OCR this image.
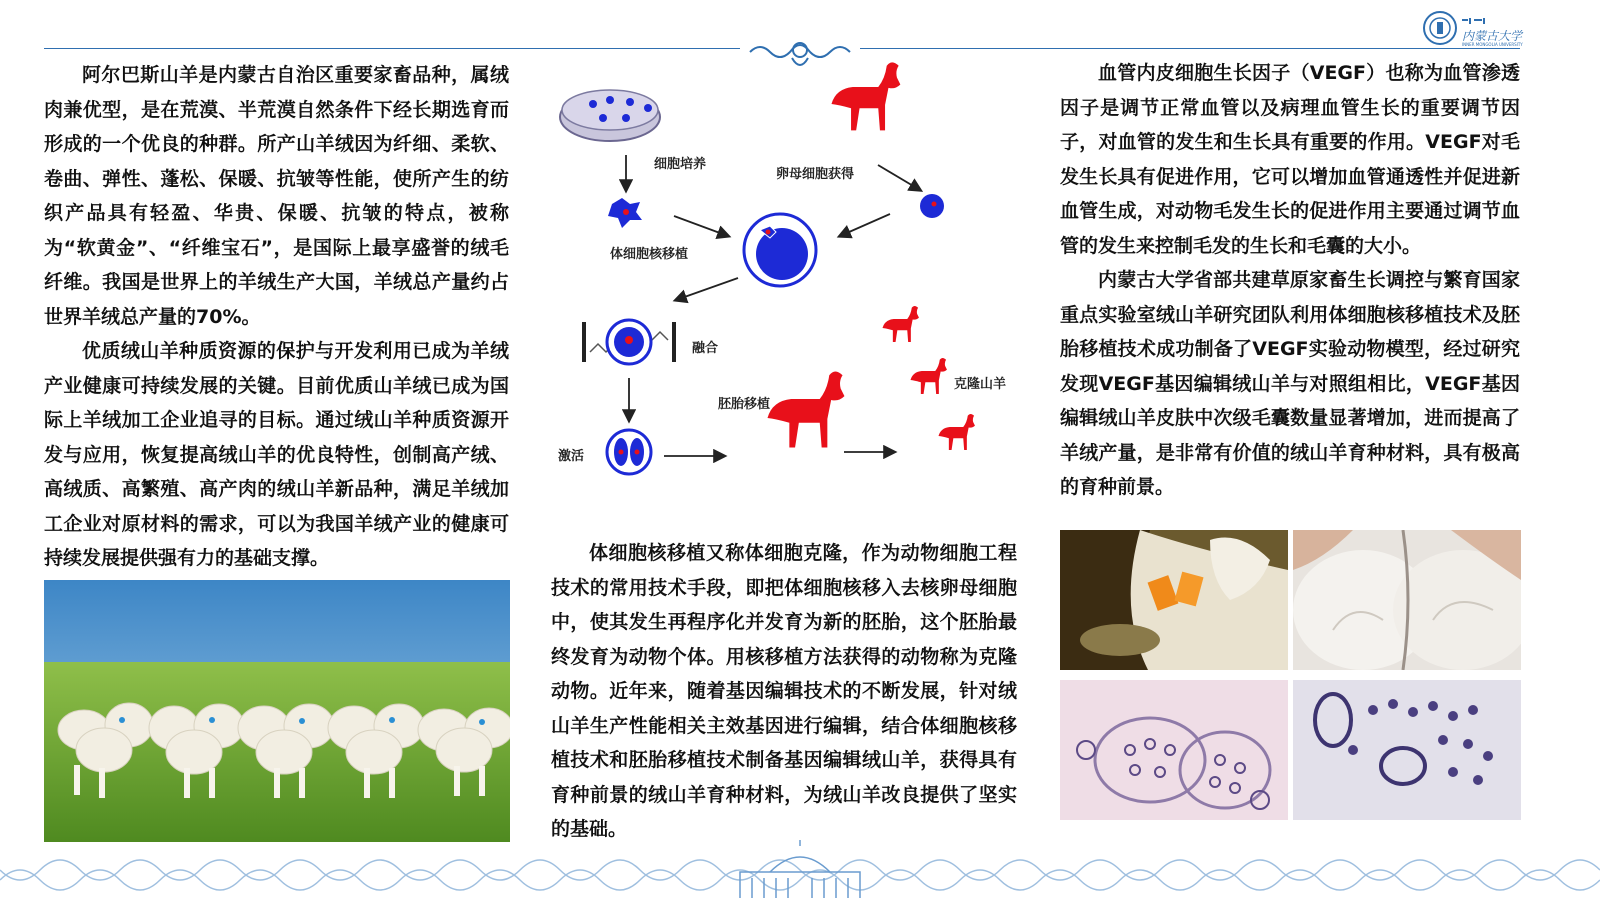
内蒙古大学
INNER MONGOLIA UNIVERSITY

阿尔巴斯山羊是内蒙古自治区重要家畜品种，属绒肉兼优型，是在荒漠、半荒漠自然条件下经长期选育而形成的一个优良的种群。所产山羊绒因为纤细、柔软、卷曲、弹性、蓬松、保暖、抗皱等性能，使所产生的纺织产品具有轻盈、华贵、保暖、抗皱的特点，被称为“软黄金”、“纤维宝石”，是国际上最享盛誉的绒毛纤维。我国是世界上的羊绒生产大国，羊绒总产量约占世界羊绒总产量的70%。

优质绒山羊种质资源的保护与开发利用已成为羊绒产业健康可持续发展的关键。目前优质山羊绒已成为国际上羊绒加工企业追寻的目标。通过绒山羊种质资源开发与应用，恢复提高绒山羊的优良特性，创制高产绒、高绒质、高繁殖、高产肉的绒山羊新品种，满足羊绒加工企业对原材料的需求，可以为我国羊绒产业的健康可持续发展提供强有力的基础支撑。

细胞培养
体细胞核移植
卵母细胞获得
融合
激活
胚胎移植
克隆山羊

体细胞核移植又称体细胞克隆，作为动物细胞工程技术的常用技术手段，即把体细胞核移入去核卵母细胞中，使其发生再程序化并发育为新的胚胎，这个胚胎最终发育为动物个体。用核移植方法获得的动物称为克隆动物。近年来，随着基因编辑技术的不断发展，针对绒山羊生产性能相关主效基因进行编辑，结合体细胞核移植技术和胚胎移植技术制备基因编辑绒山羊，获得具有育种前景的绒山羊育种材料，为绒山羊改良提供了坚实的基础。

血管内皮细胞生长因子（VEGF）也称为血管渗透因子是调节正常血管以及病理血管生长的重要调节因子，对血管的发生和生长具有重要的作用。VEGF对毛发生长具有促进作用，它可以增加血管通透性并促进新血管生成，对动物毛发生长的促进作用主要通过调节血管的发生来控制毛发的生长和毛囊的大小。

内蒙古大学省部共建草原家畜生长调控与繁育国家重点实验室绒山羊研究团队利用体细胞核移植技术及胚胎移植技术成功制备了VEGF实验动物模型，经过研究发现VEGF基因编辑绒山羊与对照组相比，VEGF基因编辑绒山羊皮肤中次级毛囊数量显著增加，进而提高了羊绒产量，是非常有价值的绒山羊育种材料，具有极高的育种前景。
